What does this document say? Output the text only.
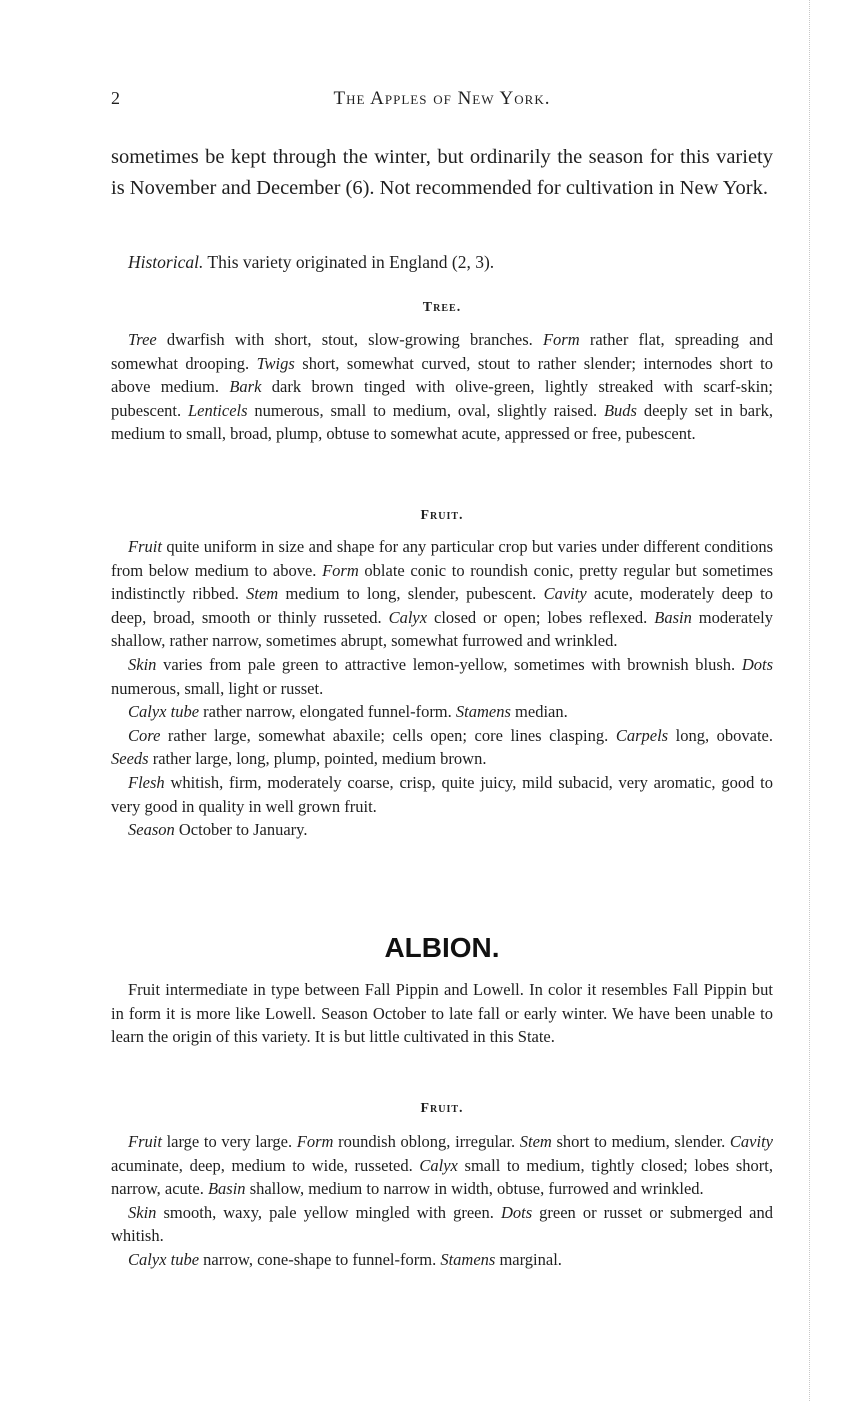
2	The Apples of New York.

sometimes be kept through the winter, but ordinarily the season for this variety is November and December (6). Not recommended for cultivation in New York.

Historical. This variety originated in England (2, 3).

Tree.

Tree dwarfish with short, stout, slow-growing branches. Form rather flat, spreading and somewhat drooping. Twigs short, somewhat curved, stout to rather slender; internodes short to above medium. Bark dark brown tinged with olive-green, lightly streaked with scarf-skin; pubescent. Lenticels numerous, small to medium, oval, slightly raised. Buds deeply set in bark, medium to small, broad, plump, obtuse to somewhat acute, appressed or free, pubescent.

Fruit.

Fruit quite uniform in size and shape for any particular crop but varies under different conditions from below medium to above. Form oblate conic to roundish conic, pretty regular but sometimes indistinctly ribbed. Stem medium to long, slender, pubescent. Cavity acute, moderately deep to deep, broad, smooth or thinly russeted. Calyx closed or open; lobes reflexed. Basin moderately shallow, rather narrow, sometimes abrupt, somewhat furrowed and wrinkled.

Skin varies from pale green to attractive lemon-yellow, sometimes with brownish blush. Dots numerous, small, light or russet.

Calyx tube rather narrow, elongated funnel-form. Stamens median.

Core rather large, somewhat abaxile; cells open; core lines clasping. Carpels long, obovate. Seeds rather large, long, plump, pointed, medium brown.

Flesh whitish, firm, moderately coarse, crisp, quite juicy, mild subacid, very aromatic, good to very good in quality in well grown fruit.

Season October to January.

ALBION.

Fruit intermediate in type between Fall Pippin and Lowell. In color it resembles Fall Pippin but in form it is more like Lowell. Season October to late fall or early winter. We have been unable to learn the origin of this variety. It is but little cultivated in this State.

Fruit.

Fruit large to very large. Form roundish oblong, irregular. Stem short to medium, slender. Cavity acuminate, deep, medium to wide, russeted. Calyx small to medium, tightly closed; lobes short, narrow, acute. Basin shallow, medium to narrow in width, obtuse, furrowed and wrinkled.

Skin smooth, waxy, pale yellow mingled with green. Dots green or russet or submerged and whitish.

Calyx tube narrow, cone-shape to funnel-form. Stamens marginal.
